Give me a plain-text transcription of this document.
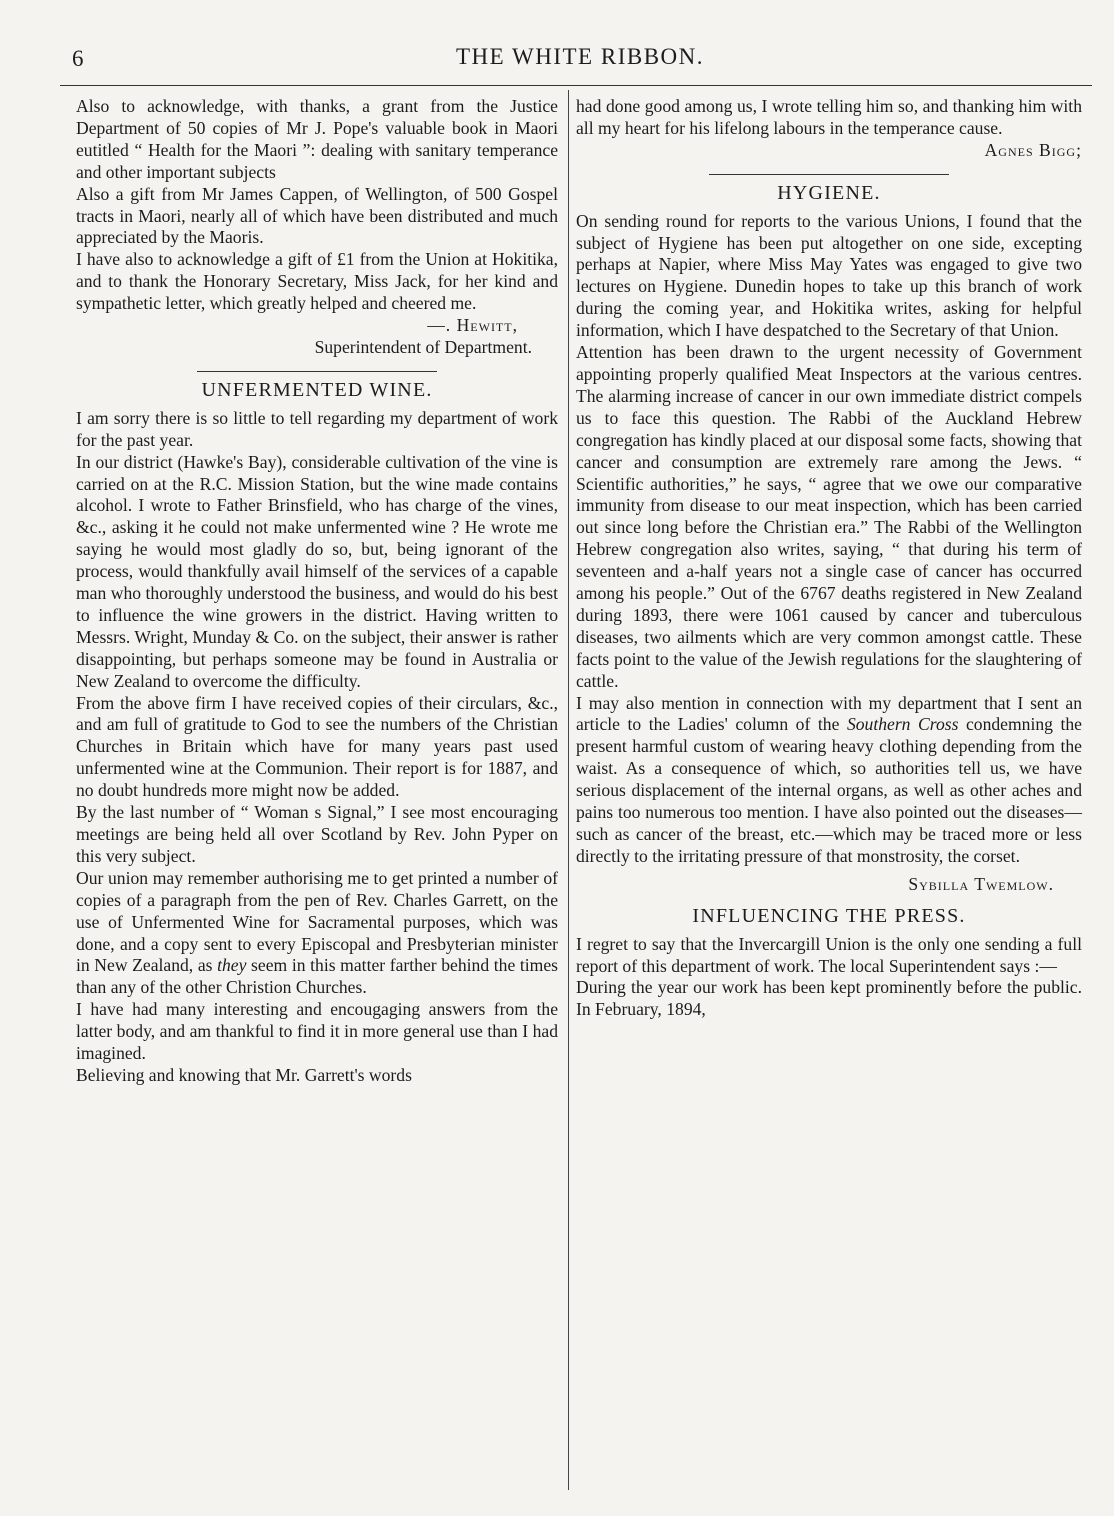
6	THE WHITE RIBBON.

Also to acknowledge, with thanks, a grant from the Justice Department of 50 copies of Mr J. Pope's valuable book in Maori eutitled “ Health for the Maori ”: dealing with sanitary temperance and other important subjects

Also a gift from Mr James Cappen, of Wellington, of 500 Gospel tracts in Maori, nearly all of which have been distributed and much appreciated by the Maoris.

I have also to acknowledge a gift of £1 from the Union at Hokitika, and to thank the Honorary Secretary, Miss Jack, for her kind and sympathetic letter, which greatly helped and cheered me.

—. Hewitt,

Superintendent of Department.

UNFERMENTED WINE.

I am sorry there is so little to tell regarding my department of work for the past year.

In our district (Hawke's Bay), considerable cultivation of the vine is carried on at the R.C. Mission Station, but the wine made contains alcohol. I wrote to Father Brinsfield, who has charge of the vines, &c., asking it he could not make unfermented wine ? He wrote me saying he would most gladly do so, but, being ignorant of the process, would thankfully avail himself of the services of a capable man who thoroughly understood the business, and would do his best to influence the wine growers in the district. Having written to Messrs. Wright, Munday & Co. on the subject, their answer is rather disappointing, but perhaps someone may be found in Australia or New Zealand to overcome the difficulty.

From the above firm I have received copies of their circulars, &c., and am full of gratitude to God to see the numbers of the Christian Churches in Britain which have for many years past used unfermented wine at the Communion. Their report is for 1887, and no doubt hundreds more might now be added.

By the last number of “ Woman s Signal,” I see most encouraging meetings are being held all over Scotland by Rev. John Pyper on this very subject.

Our union may remember authorising me to get printed a number of copies of a paragraph from the pen of Rev. Charles Garrett, on the use of Unfermented Wine for Sacramental purposes, which was done, and a copy sent to every Episcopal and Presbyterian minister in New Zealand, as they seem in this matter farther behind the times than any of the other Christion Churches.

I have had many interesting and encougaging answers from the latter body, and am thankful to find it in more general use than I had imagined.

Believing and knowing that Mr. Garrett's words

had done good among us, I wrote telling him so, and thanking him with all my heart for his lifelong labours in the temperance cause.

Agnes Bigg;

HYGIENE.

On sending round for reports to the various Unions, I found that the subject of Hygiene has been put altogether on one side, excepting perhaps at Napier, where Miss May Yates was engaged to give two lectures on Hygiene. Dunedin hopes to take up this branch of work during the coming year, and Hokitika writes, asking for helpful information, which I have despatched to the Secretary of that Union.

Attention has been drawn to the urgent necessity of Government appointing properly qualified Meat Inspectors at the various centres. The alarming increase of cancer in our own immediate district compels us to face this question. The Rabbi of the Auckland Hebrew congregation has kindly placed at our disposal some facts, showing that cancer and consumption are extremely rare among the Jews. “ Scientific authorities,” he says, “ agree that we owe our comparative immunity from disease to our meat inspection, which has been carried out since long before the Christian era.” The Rabbi of the Wellington Hebrew congregation also writes, saying, “ that during his term of seventeen and a-half years not a single case of cancer has occurred among his people.” Out of the 6767 deaths registered in New Zealand during 1893, there were 1061 caused by cancer and tuberculous diseases, two ailments which are very common amongst cattle. These facts point to the value of the Jewish regulations for the slaughtering of cattle.

I may also mention in connection with my department that I sent an article to the Ladies' column of the Southern Cross condemning the present harmful custom of wearing heavy clothing depending from the waist. As a consequence of which, so authorities tell us, we have serious displacement of the internal organs, as well as other aches and pains too numerous too mention. I have also pointed out the diseases—such as cancer of the breast, etc.—which may be traced more or less directly to the irritating pressure of that monstrosity, the corset.

Sybilla Twemlow.

INFLUENCING THE PRESS.

I regret to say that the Invercargill Union is the only one sending a full report of this department of work. The local Superintendent says :—

During the year our work has been kept prominently before the public. In February, 1894,
